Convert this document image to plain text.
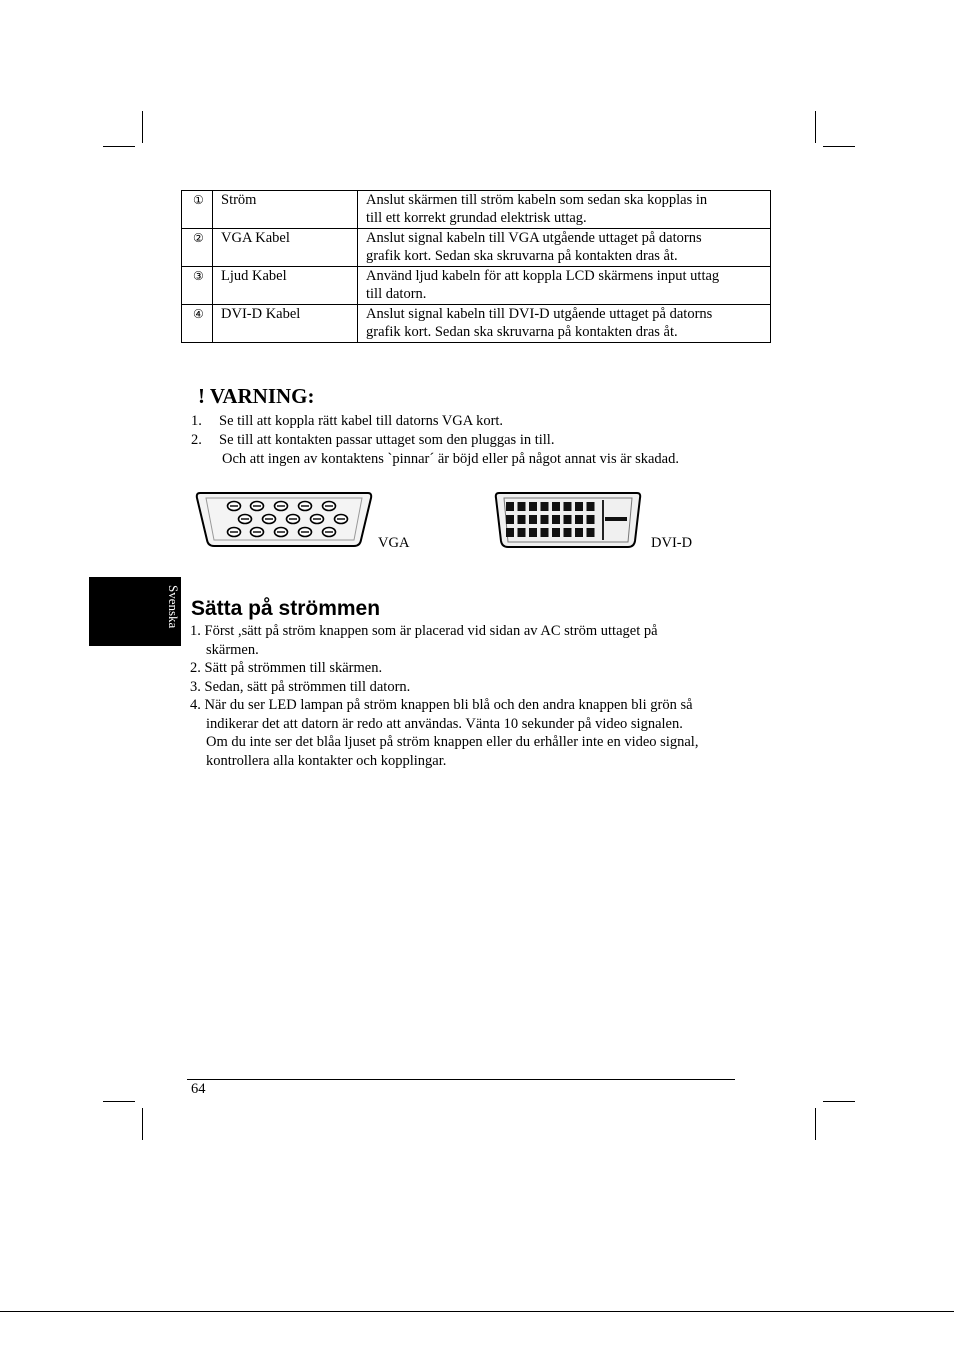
①	Ström	Anslut skärmen till ström kabeln som sedan ska kopplas in
till ett korrekt grundad elektrisk uttag.

②	VGA Kabel	Anslut signal kabeln till VGA utgående uttaget på datorns
grafik kort. Sedan ska skruvarna på kontakten dras åt.

③	Ljud Kabel	Använd ljud kabeln för att koppla LCD skärmens input uttag
till datorn.

④	DVI-D Kabel	Anslut signal kabeln till DVI-D utgående uttaget på datorns
grafik kort. Sedan ska skruvarna på kontakten dras åt.
! VARNING:
1. Se till att koppla rätt kabel till datorns VGA kort.
2. Se till att kontakten passar uttaget som den pluggas in till.
Och att ingen av kontaktens `pinnar´ är böjd eller på något annat vis är skadad.
VGA	DVI-D
Svenska Sätta på strömmen
1. Först ,sätt på ström knappen som är placerad vid sidan av AC ström uttaget på
skärmen.
2. Sätt på strömmen till skärmen.
3. Sedan, sätt på strömmen till datorn.
4. När du ser LED lampan på ström knappen bli blå och den andra knappen bli grön så
indikerar det att datorn är redo att användas. Vänta 10 sekunder på video signalen.
Om du inte ser det blåa ljuset på ström knappen eller du erhåller inte en video signal,
kontrollera alla kontakter och kopplingar.
64
